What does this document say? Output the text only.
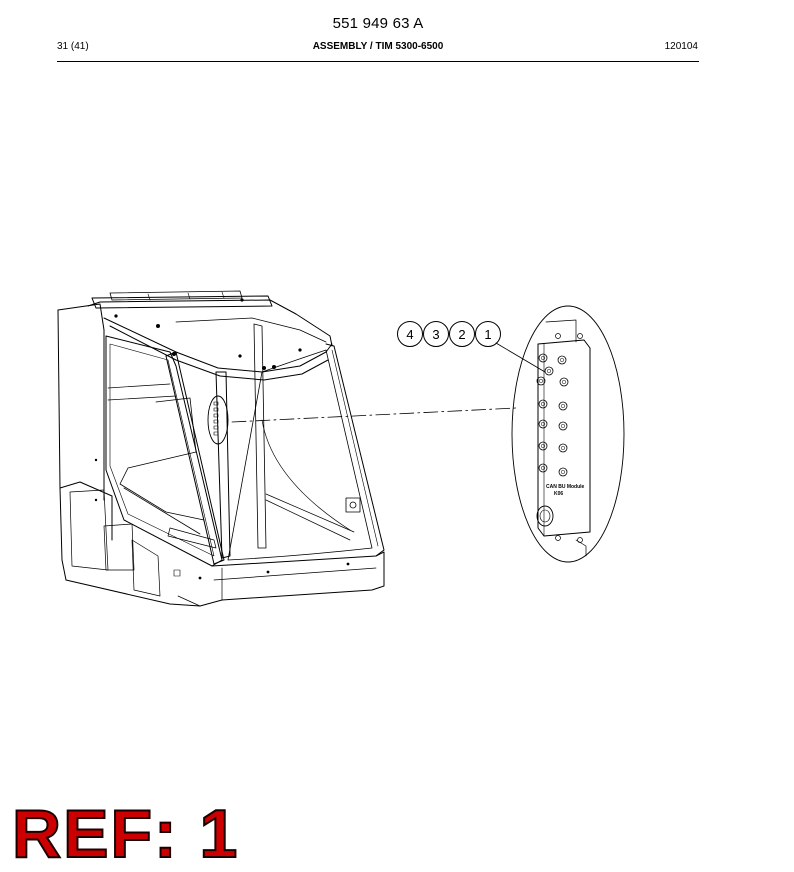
551 949 63 A
31 (41)	ASSEMBLY / TIM 5300-6500	120104
CAN BU Module
K06
4 3 2 1
REF: 1
